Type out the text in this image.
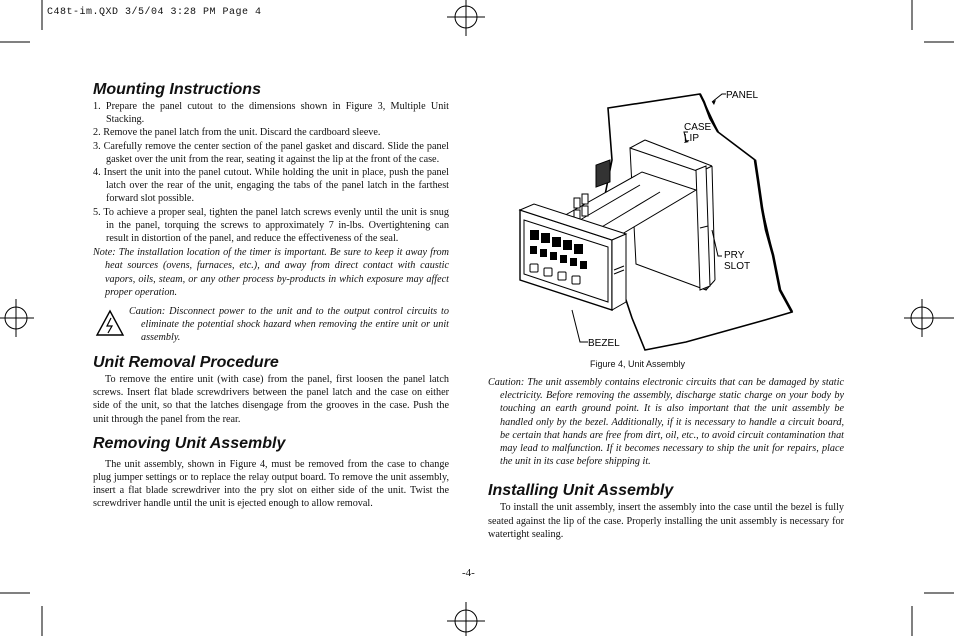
C48t-im.QXD 3/5/04 3:28 PM Page 4
Mounting Instructions
1. Prepare the panel cutout to the dimensions shown in Figure 3, Multiple Unit Stacking.
2. Remove the panel latch from the unit. Discard the cardboard sleeve.
3. Carefully remove the center section of the panel gasket and discard. Slide the panel gasket over the unit from the rear, seating it against the lip at the front of the case.
4. Insert the unit into the panel cutout. While holding the unit in place, push the panel latch over the rear of the unit, engaging the tabs of the panel latch in the farthest forward slot possible.
5. To achieve a proper seal, tighten the panel latch screws evenly until the unit is snug in the panel, torquing the screws to approximately 7 in-lbs. Overtightening can result in distortion of the panel, and reduce the effectiveness of the seal.
Note: The installation location of the timer is important. Be sure to keep it away from heat sources (ovens, furnaces, etc.), and away from direct contact with caustic vapors, oils, steam, or any other process by-products in which exposure may affect proper operation.
Caution: Disconnect power to the unit and to the output control circuits to eliminate the potential shock hazard when removing the entire unit or unit assembly.
Unit Removal Procedure
To remove the entire unit (with case) from the panel, first loosen the panel latch screws. Insert flat blade screwdrivers between the panel latch and the case on either side of the unit, so that the latches disengage from the grooves in the case. Push the unit through the panel from the rear.
Removing Unit Assembly
The unit assembly, shown in Figure 4, must be removed from the case to change plug jumper settings or to replace the relay output board. To remove the unit assembly, insert a flat blade screwdriver into the pry slot on either side of the unit. Twist the screwdriver handle until the unit is ejected enough to allow removal.
PANEL
CASE
LIP
PRY
SLOT
BEZEL
Figure 4, Unit Assembly
Caution: The unit assembly contains electronic circuits that can be damaged by static electricity. Before removing the assembly, discharge static charge on your body by touching an earth ground point. It is also important that the unit assembly be handled only by the bezel. Additionally, if it is necessary to handle a circuit board, be certain that hands are free from dirt, oil, etc., to avoid circuit contamination that may lead to malfunction. If it becomes necessary to ship the unit for repairs, place the unit in its case before shipping it.
Installing Unit Assembly
To install the unit assembly, insert the assembly into the case until the bezel is fully seated against the lip of the case. Properly installing the unit assembly is necessary for watertight sealing.
-4-
